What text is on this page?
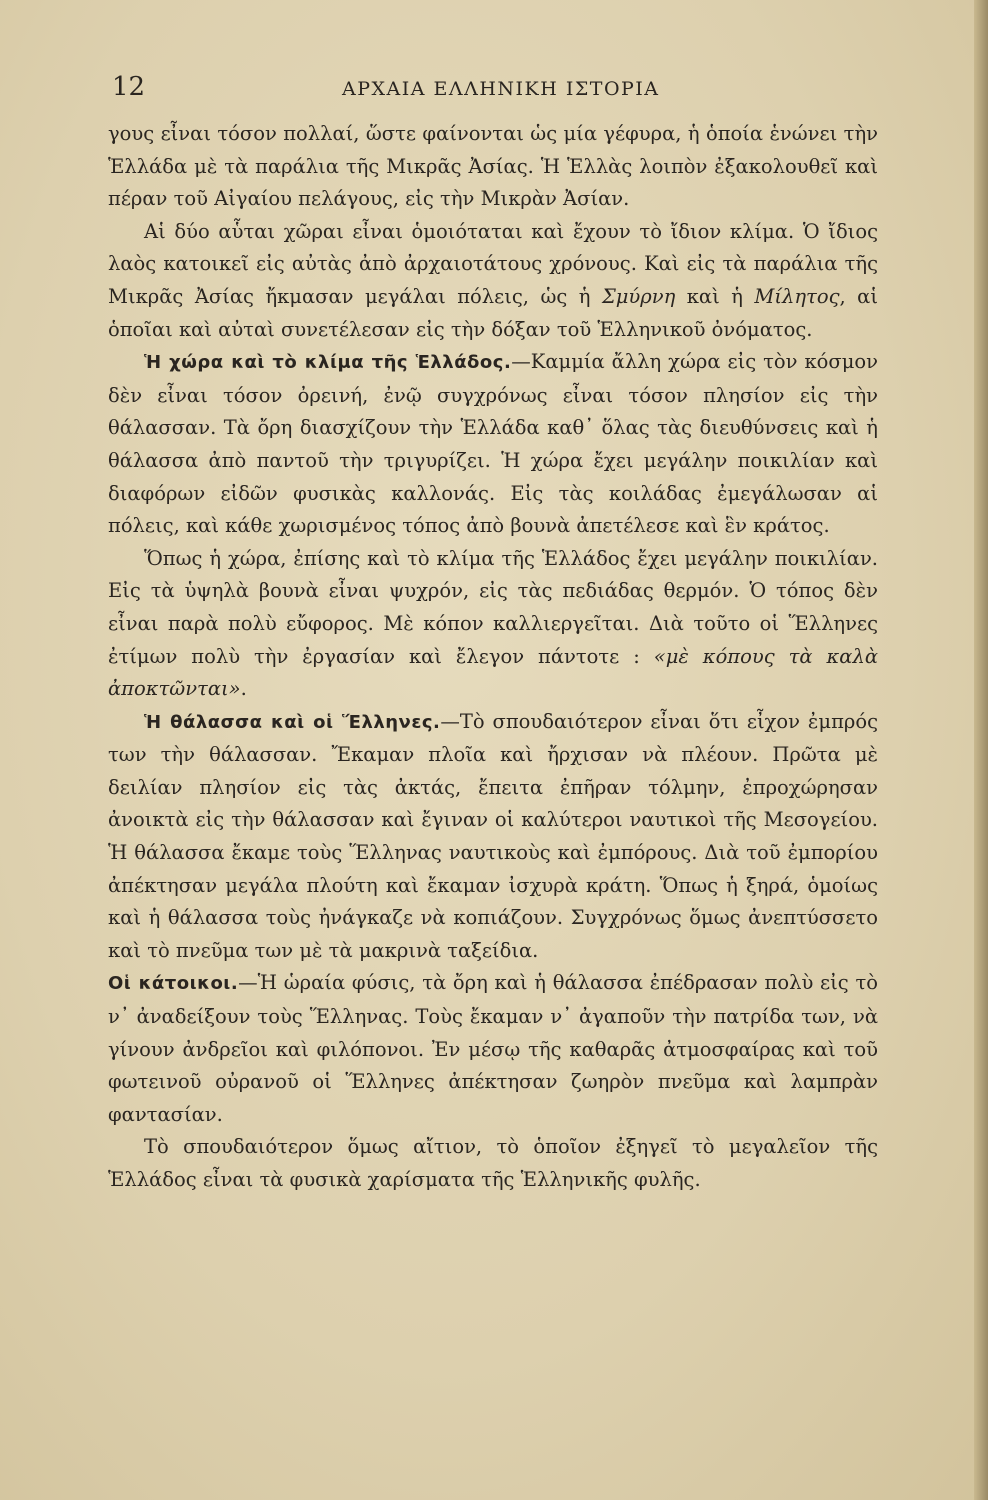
12	ΑΡΧΑΙΑ ΕΛΛΗΝΙΚΗ ΙΣΤΟΡΙΑ

γους εἶναι τόσον πολλαί, ὥστε φαίνονται ὡς μία γέφυρα, ἡ ὁποία ἑνώνει τὴν Ἑλλάδα μὲ τὰ παράλια τῆς Μικρᾶς Ἀσίας. Ἡ Ἑλλὰς λοιπὸν ἐξακολουθεῖ καὶ πέραν τοῦ Αἰγαίου πελάγους, εἰς τὴν Μικρὰν Ἀσίαν.

Αἱ δύο αὗται χῶραι εἶναι ὁμοιόταται καὶ ἔχουν τὸ ἴδιον κλίμα. Ὁ ἴδιος λαὸς κατοικεῖ εἰς αὐτὰς ἀπὸ ἀρχαιοτάτους χρόνους. Καὶ εἰς τὰ παράλια τῆς Μικρᾶς Ἀσίας ἤκμασαν μεγάλαι πόλεις, ὡς ἡ Σμύρνη καὶ ἡ Μίλητος, αἱ ὁποῖαι καὶ αὐταὶ συνετέλεσαν εἰς τὴν δόξαν τοῦ Ἑλληνικοῦ ὀνόματος.

Ἡ χώρα καὶ τὸ κλίμα τῆς Ἑλλάδος.—Καμμία ἄλλη χώρα εἰς τὸν κόσμον δὲν εἶναι τόσον ὀρεινή, ἐνῷ συγχρόνως εἶναι τόσον πλησίον εἰς τὴν θάλασσαν. Τὰ ὄρη διασχίζουν τὴν Ἑλλάδα καθ᾽ ὅλας τὰς διευθύνσεις καὶ ἡ θάλασσα ἀπὸ παντοῦ τὴν τριγυρίζει. Ἡ χώρα ἔχει μεγάλην ποικιλίαν καὶ διαφόρων εἰδῶν φυσικὰς καλλονάς. Εἰς τὰς κοιλάδας ἐμεγάλωσαν αἱ πόλεις, καὶ κάθε χωρισμένος τόπος ἀπὸ βουνὰ ἀπετέλεσε καὶ ἓν κράτος.

Ὅπως ἡ χώρα, ἐπίσης καὶ τὸ κλίμα τῆς Ἑλλάδος ἔχει μεγάλην ποικιλίαν. Εἰς τὰ ὑψηλὰ βουνὰ εἶναι ψυχρόν, εἰς τὰς πεδιάδας θερμόν. Ὁ τόπος δὲν εἶναι παρὰ πολὺ εὔφορος. Μὲ κόπον καλλιεργεῖται. Διὰ τοῦτο οἱ Ἕλληνες ἐτίμων πολὺ τὴν ἐργασίαν καὶ ἔλεγον πάντοτε : «μὲ κόπους τὰ καλὰ ἀποκτῶνται».

Ἡ θάλασσα καὶ οἱ Ἕλληνες.—Τὸ σπουδαιότερον εἶναι ὅτι εἶχον ἐμπρός των τὴν θάλασσαν. Ἔκαμαν πλοῖα καὶ ἤρχισαν νὰ πλέουν. Πρῶτα μὲ δειλίαν πλησίον εἰς τὰς ἀκτάς, ἔπειτα ἐπῆραν τόλμην, ἐπροχώρησαν ἀνοικτὰ εἰς τὴν θάλασσαν καὶ ἔγιναν οἱ καλύτεροι ναυτικοὶ τῆς Μεσογείου. Ἡ θάλασσα ἔκαμε τοὺς Ἕλληνας ναυτικοὺς καὶ ἐμπόρους. Διὰ τοῦ ἐμπορίου ἀπέκτησαν μεγάλα πλούτη καὶ ἔκαμαν ἰσχυρὰ κράτη. Ὅπως ἡ ξηρά, ὁμοίως καὶ ἡ θάλασσα τοὺς ἠνάγκαζε νὰ κοπιάζουν. Συγχρόνως ὅμως ἀνεπτύσσετο καὶ τὸ πνεῦμα των μὲ τὰ μακρινὰ ταξείδια.

Οἱ κάτοικοι.—Ἡ ὡραία φύσις, τὰ ὄρη καὶ ἡ θάλασσα ἐπέδρασαν πολὺ εἰς τὸ ν᾽ ἀναδείξουν τοὺς Ἕλληνας. Τοὺς ἔκαμαν ν᾽ ἀγαποῦν τὴν πατρίδα των, νὰ γίνουν ἀνδρεῖοι καὶ φιλόπονοι. Ἐν μέσῳ τῆς καθαρᾶς ἀτμοσφαίρας καὶ τοῦ φωτεινοῦ οὐρανοῦ οἱ Ἕλληνες ἀπέκτησαν ζωηρὸν πνεῦμα καὶ λαμπρὰν φαντασίαν.

Τὸ σπουδαιότερον ὅμως αἴτιον, τὸ ὁποῖον ἐξηγεῖ τὸ μεγαλεῖον τῆς Ἑλλάδος εἶναι τὰ φυσικὰ χαρίσματα τῆς Ἑλληνικῆς φυλῆς.
